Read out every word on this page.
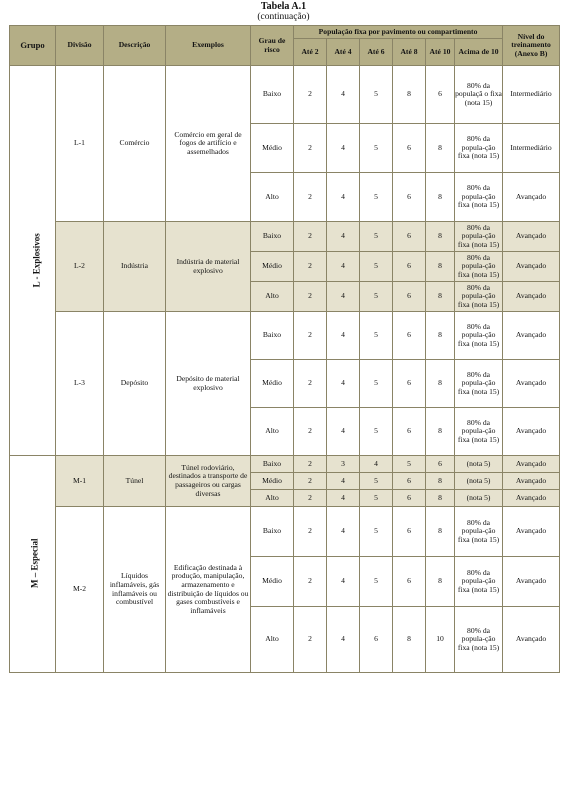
Tabela A.1
(continuação)
Grupo	Divisão	Descrição	Exemplos	Grau de risco	População fixa por pavimento ou compartimento						Nível do treinamento (Anexo B)
					Até 2	Até 4	Até 6	Até 8	Até 10	Acima de 10	
L - Explosivos	L-1	Comércio	Comércio em geral de fogos de artifício e assemelhados	Baixo	2	4	5	8	6	80% da populaçã o fixa (nota 15)	Intermediário
				Médio	2	4	5	6	8	80% da popula-ção fixa (nota 15)	Intermediário
				Alto	2	4	5	6	8	80% da popula-ção fixa (nota 15)	Avançado
	L-2	Indústria	Indústria de material explosivo	Baixo	2	4	5	6	8	80% da popula-ção fixa (nota 15)	Avançado
				Médio	2	4	5	6	8	80% da popula-ção fixa (nota 15)	Avançado
				Alto	2	4	5	6	8	80% da popula-ção fixa (nota 15)	Avançado
	L-3	Depósito	Depósito de material explosivo	Baixo	2	4	5	6	8	80% da popula-ção fixa (nota 15)	Avançado
				Médio	2	4	5	6	8	80% da popula-ção fixa (nota 15)	Avançado
				Alto	2	4	5	6	8	80% da popula-ção fixa (nota 15)	Avançado
M – Especial	M-1	Túnel	Túnel rodoviário, destinados a transporte de passageiros ou cargas diversas	Baixo	2	3	4	5	6	(nota 5)	Avançado
				Médio	2	4	5	6	8	(nota 5)	Avançado
				Alto	2	4	5	6	8	(nota 5)	Avançado
	M-2	Líquidos inflamáveis, gás inflamáveis ou combustível	Edificação destinada à produção, manipulação, armazenamento e distribuição de líquidos ou gases combustíveis e inflamáveis	Baixo	2	4	5	6	8	80% da popula-ção fixa (nota 15)	Avançado
				Médio	2	4	5	6	8	80% da popula-ção fixa (nota 15)	Avançado
				Alto	2	4	6	8	10	80% da popula-ção fixa (nota 15)	Avançado
